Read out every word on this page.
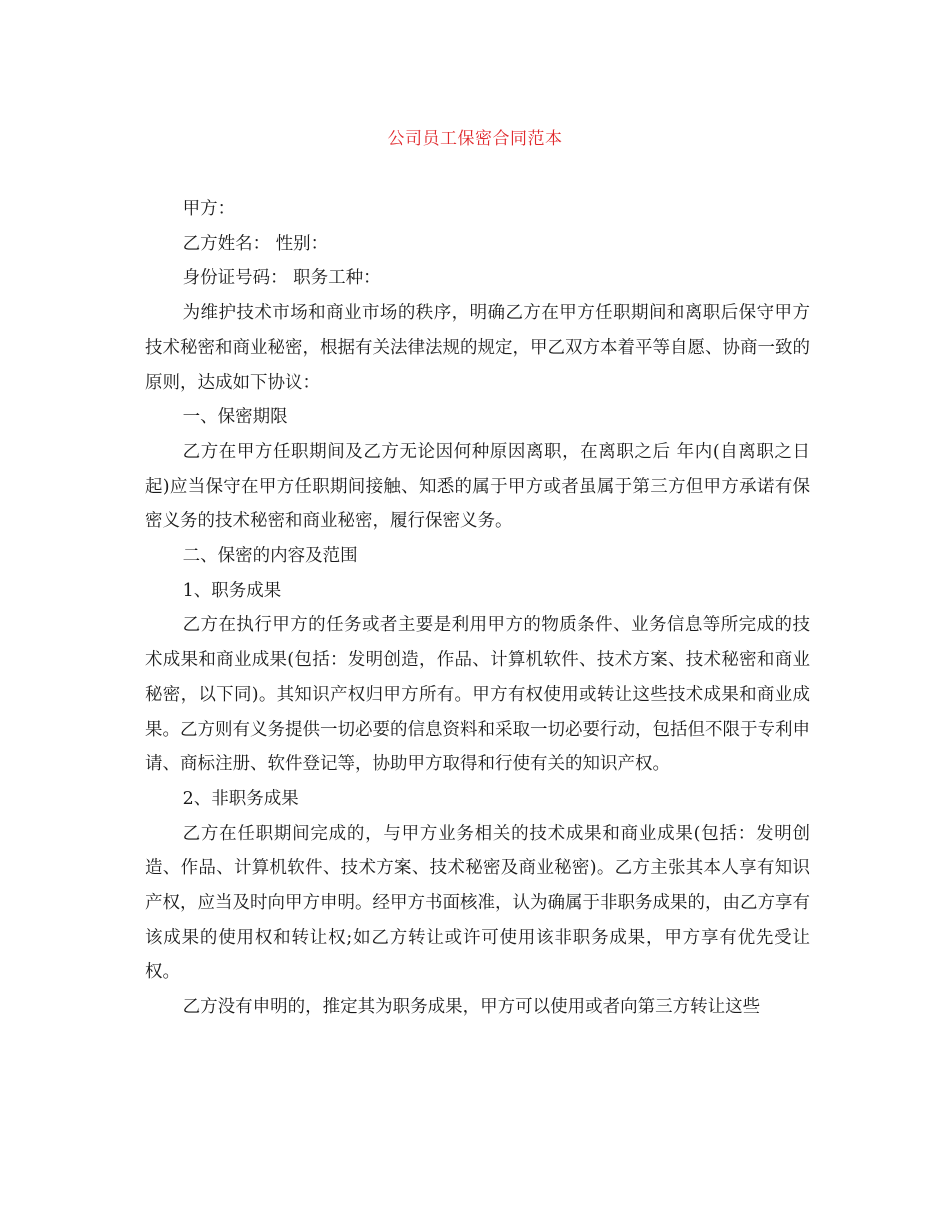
公司员工保密合同范本

甲方：

乙方姓名： 性别：

身份证号码： 职务工种：

为维护技术市场和商业市场的秩序，明确乙方在甲方任职期间和离职后保守甲方技术秘密和商业秘密，根据有关法律法规的规定，甲乙双方本着平等自愿、协商一致的原则，达成如下协议：

一、保密期限

乙方在甲方任职期间及乙方无论因何种原因离职，在离职之后 年内(自离职之日起)应当保守在甲方任职期间接触、知悉的属于甲方或者虽属于第三方但甲方承诺有保密义务的技术秘密和商业秘密，履行保密义务。

二、保密的内容及范围

1、职务成果

乙方在执行甲方的任务或者主要是利用甲方的物质条件、业务信息等所完成的技术成果和商业成果(包括：发明创造，作品、计算机软件、技术方案、技术秘密和商业秘密，以下同)。其知识产权归甲方所有。甲方有权使用或转让这些技术成果和商业成果。乙方则有义务提供一切必要的信息资料和采取一切必要行动，包括但不限于专利申请、商标注册、软件登记等，协助甲方取得和行使有关的知识产权。

2、非职务成果

乙方在任职期间完成的，与甲方业务相关的技术成果和商业成果(包括：发明创造、作品、计算机软件、技术方案、技术秘密及商业秘密)。乙方主张其本人享有知识产权，应当及时向甲方申明。经甲方书面核准，认为确属于非职务成果的，由乙方享有该成果的使用权和转让权;如乙方转让或许可使用该非职务成果，甲方享有优先受让权。

乙方没有申明的，推定其为职务成果，甲方可以使用或者向第三方转让这些
